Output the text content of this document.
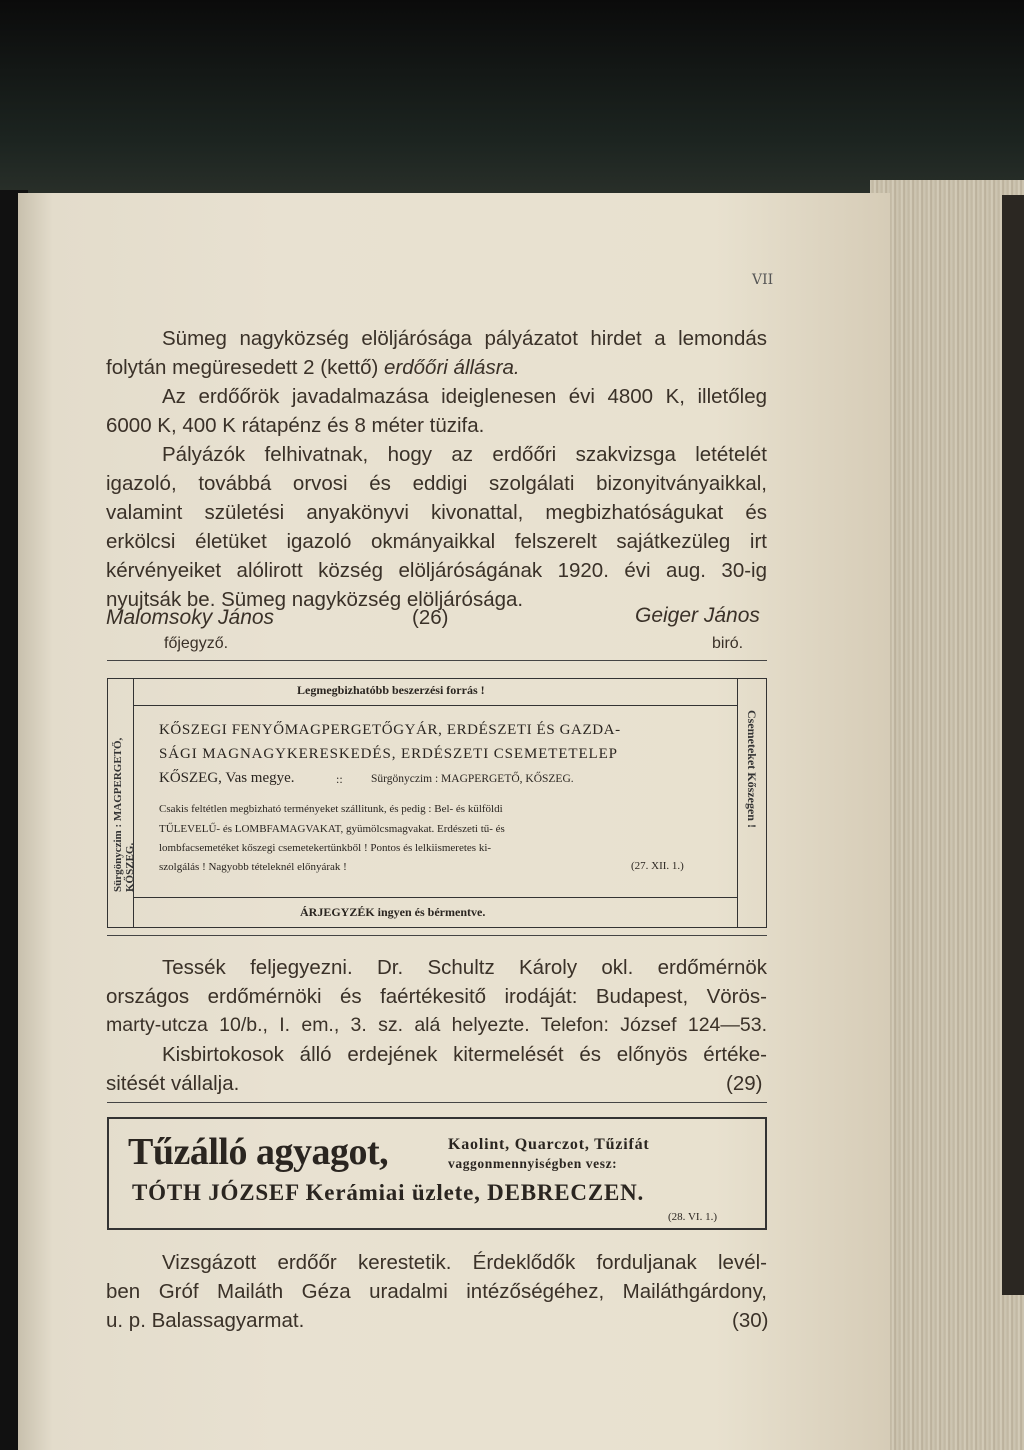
VII
Sümeg nagyközség elöljárósága pályázatot hirdet a lemondás
folytán megüresedett 2 (kettő) erdőőri állásra.
Az erdőőrök javadalmazása ideiglenesen évi 4800 K, illetőleg
6000 K, 400 K rátapénz és 8 méter tüzifa.
Pályázók felhivatnak, hogy az erdőőri szakvizsga letételét
igazoló, továbbá orvosi és eddigi szolgálati bizonyitványaikkal,
valamint születési anyakönyvi kivonattal, megbizhatóságukat és
erkölcsi életüket igazoló okmányaikkal felszerelt sajátkezüleg irt
kérvényeiket alólirott község elöljáróságának 1920. évi aug. 30-ig
nyujtsák be. Sümeg nagyközség elöljárósága.
Malomsoky János	(26)	Geiger János
főjegyző.	biró.
Legmegbizhatóbb beszerzési forrás !
KŐSZEGI FENYŐMAGPERGETŐGYÁR, ERDÉSZETI ÉS GAZDA-
SÁGI MAGNAGYKERESKEDÉS, ERDÉSZETI CSEMETETELEP
KŐSZEG, Vas megye.	:: Sürgönyczim : MAGPERGETŐ, KŐSZEG.
Csakis feltétlen megbizható terményeket szállitunk, és pedig : Bel- és külföldi
TŰLEVELŰ- és LOMBFAMAGVAKAT, gyümölcsmagvakat. Erdészeti tű- és
lombfacsemetéket kőszegi csemetekertünkből ! Pontos és lelkiismeretes ki-
szolgálás ! Nagyobb tételeknél előnyárak !	(27. XII. 1.)
ÁRJEGYZÉK ingyen és bérmentve.
Sürgönyczim : MAGPERGETŐ, KŐSZEG.
Csemeteket Kőszegen !
Tessék feljegyezni. Dr. Schultz Károly okl. erdőmérnök
országos erdőmérnöki és faértékesitő irodáját: Budapest, Vörös-
marty-utcza 10/b., I. em., 3. sz. alá helyezte. Telefon: József 124—53.
Kisbirtokosok álló erdejének kitermelését és előnyös értéke-
sitését vállalja.	(29)
Tűzálló agyagot,	Kaolint, Quarczot, Tűzifát
vaggonmennyiségben vesz:
TÓTH JÓZSEF Kerámiai üzlete, DEBRECZEN.
(28. VI. 1.)
Vizsgázott erdőőr kerestetik. Érdeklődők forduljanak levél-
ben Gróf Mailáth Géza uradalmi intézőségéhez, Mailáthgárdony,
u. p. Balassagyarmat.	(30)
